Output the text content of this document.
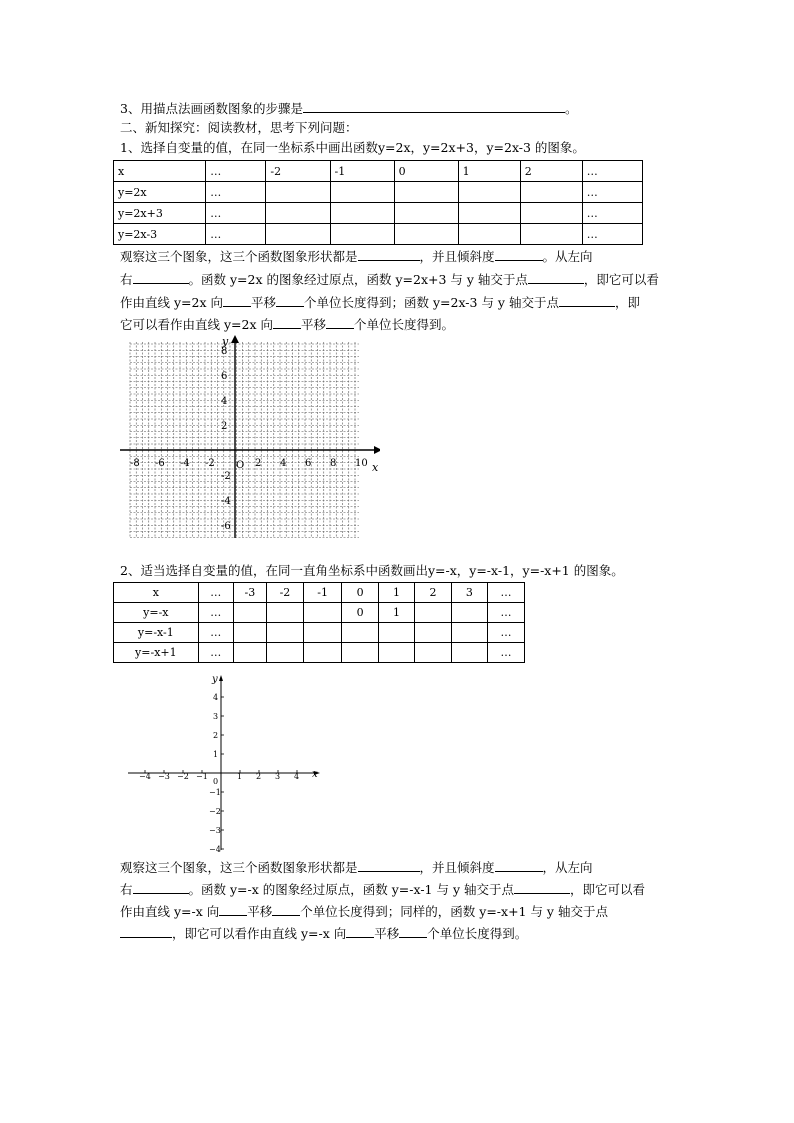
3、用描点法画函数图象的步骤是	。
二、新知探究：阅读教材，思考下列问题：
1、选择自变量的值，在同一坐标系中画出函数y=2x，y=2x+3，y=2x-3 的图象。
x	…	-2	-1	0	1	2	…
y=2x	…						…
y=2x+3	…						…
y=2x-3	…						…
观察这三个图象，这三个函数图象形状都是	，并且倾斜度	。从左向
右	。函数 y=2x 的图象经过原点，函数 y=2x+3 与 y 轴交于点	，即它可以看
作由直线 y=2x 向 平移 个单位长度得到；函数 y=2x-3 与 y 轴交于点	，即
它可以看作由直线 y=2x 向 平移 个单位长度得到。
-8 -6 -4 -2	2 4 6 8 10
8
6
4
2
-2
-4
-6
x
y
O
2、适当选择自变量的值，在同一直角坐标系中函数画出y=-x，y=-x-1，y=-x+1 的图象。
x	…	-3	-2	-1	0	1	2	3	…
y=-x	…				0	1			…
y=-x-1	…								…
y=-x+1	…								…
−4 −3 −2 −1	1 2 3 4
4
3
2
1
−1
−2
−3
−4
x
y
0
观察这三个图象，这三个函数图象形状都是	，并且倾斜度	，从左向
右	。函数 y=-x 的图象经过原点，函数 y=-x-1 与 y 轴交于点	，即它可以看
作由直线 y=-x 向 平移 个单位长度得到；同样的，函数 y=-x+1 与 y 轴交于点
，即它可以看作由直线 y=-x 向 平移 个单位长度得到。
